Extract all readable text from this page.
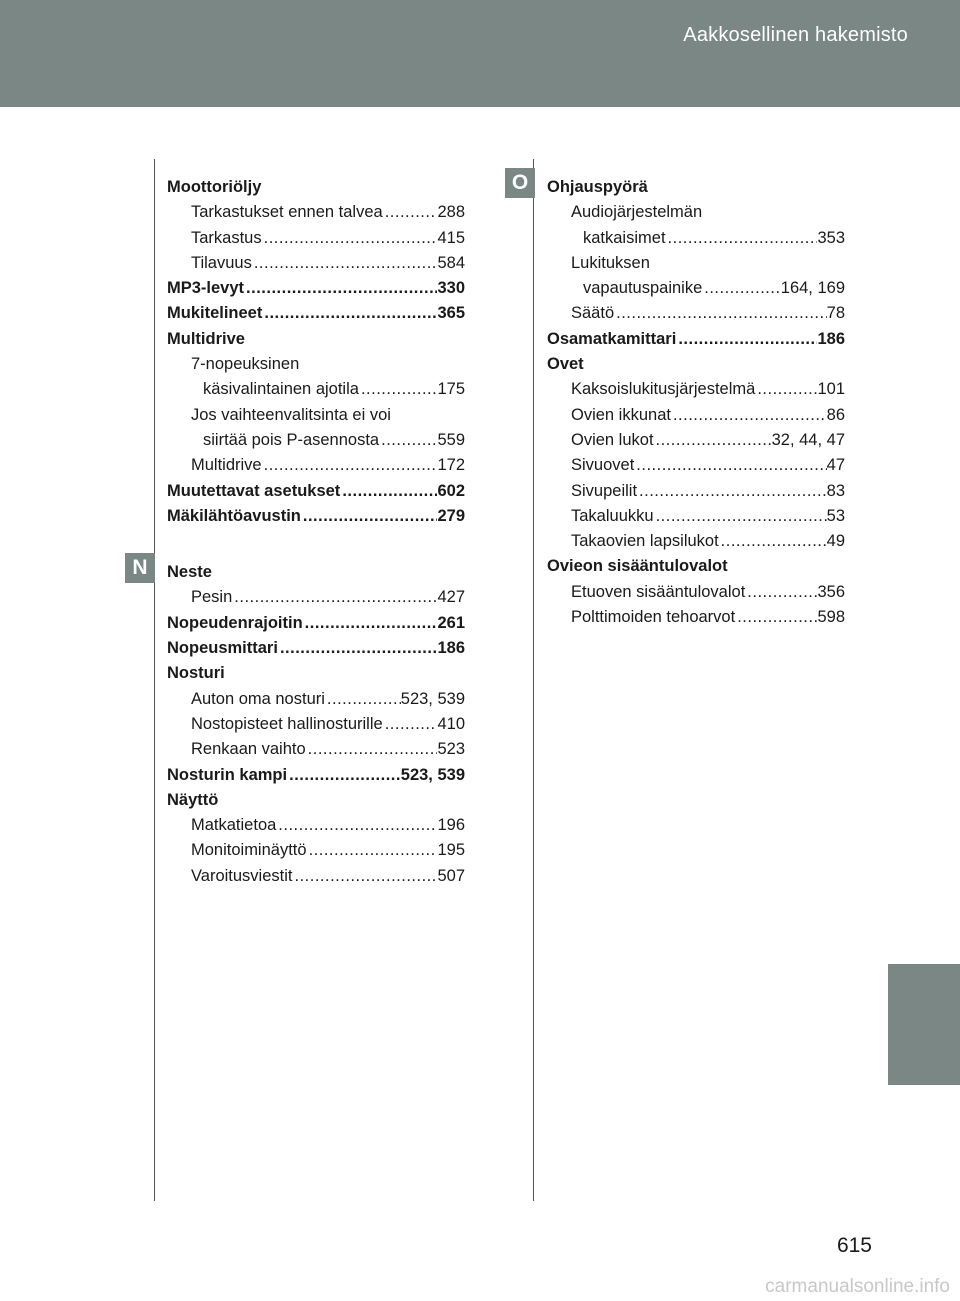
Aakkosellinen hakemisto
O
N
Moottoriöljy
Tarkastukset ennen talvea .....	288
Tarkastus .....	415
Tilavuus .....	584
MP3-levyt .....	330
Mukitelineet .....	365
Multidrive
7-nopeuksinen
käsivalintainen ajotila .....	175
Jos vaihteenvalitsinta ei voi
siirtää pois P-asennosta .....	559
Multidrive .....	172
Muutettavat asetukset .....	602
Mäkilähtöavustin .....	279
Neste
Pesin .....	427
Nopeudenrajoitin .....	261
Nopeusmittari .....	186
Nosturi
Auton oma nosturi .....	523, 539
Nostopisteet hallinosturille .....	410
Renkaan vaihto .....	523
Nosturin kampi .....	523, 539
Näyttö
Matkatietoa .....	196
Monitoiminäyttö .....	195
Varoitusviestit .....	507
Ohjauspyörä
Audiojärjestelmän
katkaisimet .....	353
Lukituksen
vapautuspainike .....	164, 169
Säätö .....	78
Osamatkamittari .....	186
Ovet
Kaksoislukitusjärjestelmä .....	101
Ovien ikkunat .....	86
Ovien lukot .....	32, 44, 47
Sivuovet .....	47
Sivupeilit .....	83
Takaluukku .....	53
Takaovien lapsilukot .....	49
Ovieon sisääntulovalot
Etuoven sisääntulovalot .....	356
Polttimoiden tehoarvot .....	598
615
carmanualsonline.info
